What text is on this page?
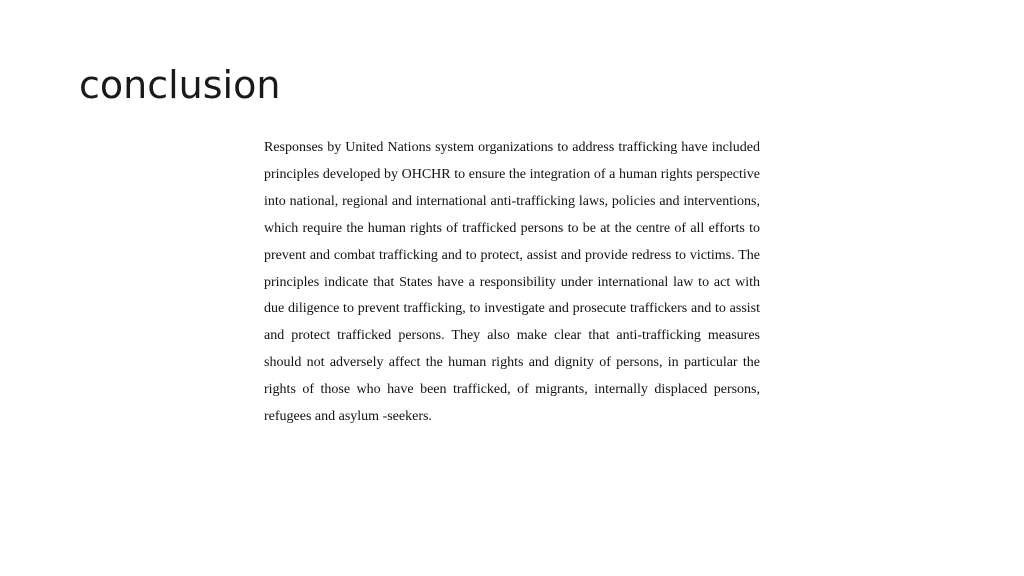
conclusion

Responses by United Nations system organizations to address trafficking have included principles developed by OHCHR to ensure the integration of a human rights perspective into national, regional and international anti-trafficking laws, policies and interventions, which require the human rights of trafficked persons to be at the centre of all efforts to prevent and combat trafficking and to protect, assist and provide redress to victims. The principles indicate that States have a responsibility under international law to act with due diligence to prevent trafficking, to investigate and prosecute traffickers and to assist and protect trafficked persons. They also make clear that anti-trafficking measures should not adversely affect the human rights and dignity of persons, in particular the rights of those who have been trafficked, of migrants, internally displaced persons, refugees and asylum -seekers.
